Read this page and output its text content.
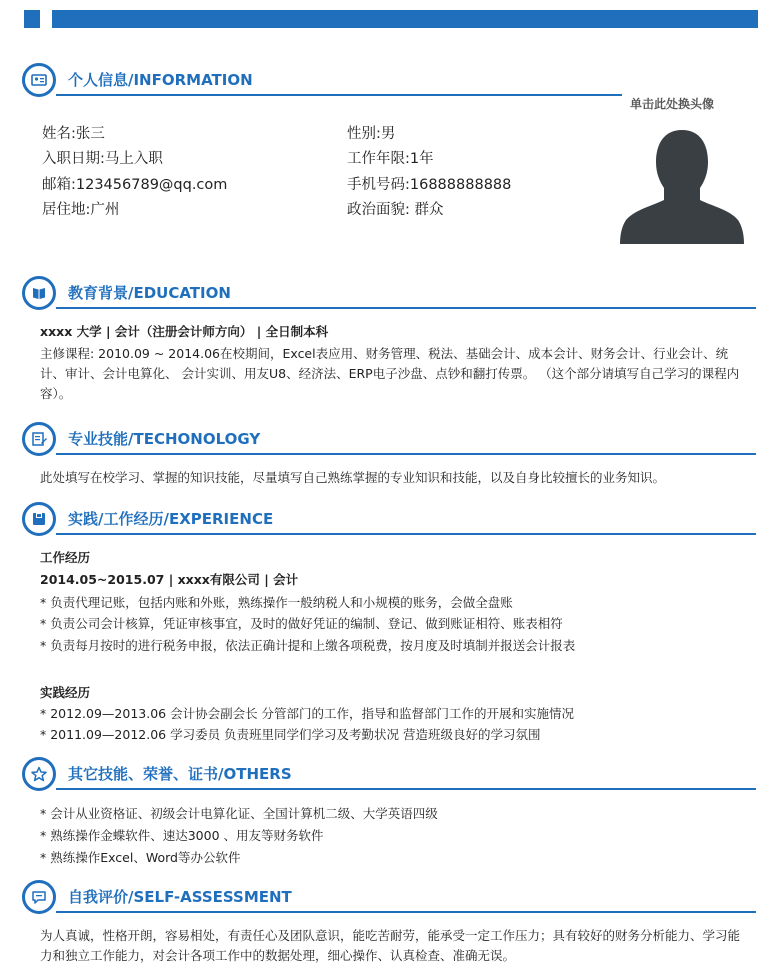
个人信息/INFORMATION
单击此处换头像
姓名:张三	性别:男
入职日期:马上入职	工作年限:1年
邮箱:123456789@qq.com	手机号码:16888888888
居住地:广州	政治面貌: 群众
教育背景/EDUCATION
xxxx 大学 | 会计（注册会计师方向） | 全日制本科
主修课程: 2010.09 ~ 2014.06在校期间，Excel表应用、财务管理、税法、基础会计、成本会计、财务会计、行业会计、统计、审计、会计电算化、 会计实训、用友U8、经济法、ERP电子沙盘、点钞和翻打传票。 （这个部分请填写自己学习的课程内容）。
专业技能/TECHONOLOGY
此处填写在校学习、掌握的知识技能，尽量填写自己熟练掌握的专业知识和技能，以及自身比较擅长的业务知识。
实践/工作经历/EXPERIENCE
工作经历
2014.05~2015.07 | xxxx有限公司 | 会计
* 负责代理记账，包括内账和外账，熟练操作一般纳税人和小规模的账务，会做全盘账
* 负责公司会计核算，凭证审核事宜，及时的做好凭证的编制、登记、做到账证相符、账表相符
* 负责每月按时的进行税务申报，依法正确计提和上缴各项税费，按月度及时填制并报送会计报表
实践经历
* 2012.09—2013.06 会计协会副会长 分管部门的工作，指导和监督部门工作的开展和实施情况
* 2011.09—2012.06 学习委员 负责班里同学们学习及考勤状况 营造班级良好的学习氛围
其它技能、荣誉、证书/OTHERS
* 会计从业资格证、初级会计电算化证、全国计算机二级、大学英语四级
* 熟练操作金蝶软件、速达3000 、用友等财务软件
* 熟练操作Excel、Word等办公软件
自我评价/SELF-ASSESSMENT
为人真诚，性格开朗，容易相处，有责任心及团队意识，能吃苦耐劳，能承受一定工作压力；具有较好的财务分析能力、学习能力和独立工作能力，对会计各项工作中的数据处理，细心操作、认真检查、准确无误。
